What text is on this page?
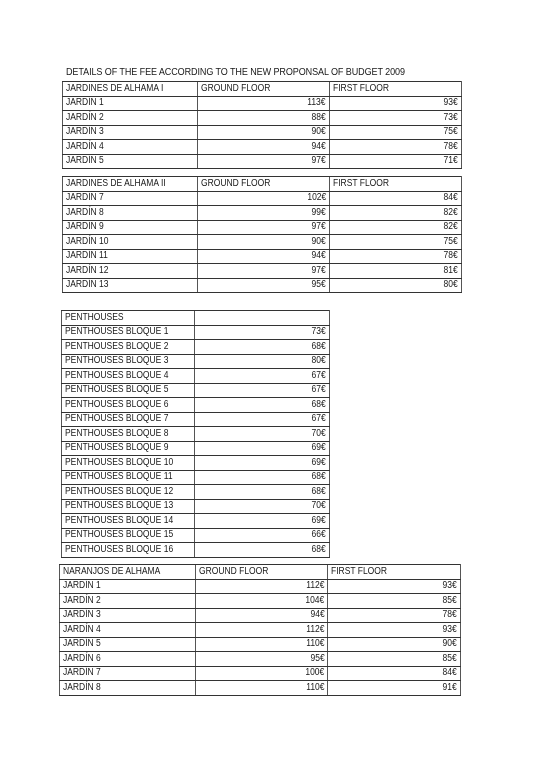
DETAILS OF THE FEE ACCORDING TO THE NEW PROPONSAL OF BUDGET 2009
JARDINES DE ALHAMA I	GROUND FLOOR	FIRST FLOOR
JARDÍN 1	113€	93€
JARDÍN 2	88€	73€
JARDÍN 3	90€	75€
JARDÍN 4	94€	78€
JARDÍN 5	97€	71€
JARDINES DE ALHAMA II	GROUND FLOOR	FIRST FLOOR
JARDÍN 7	102€	84€
JARDÍN 8	99€	82€
JARDÍN 9	97€	82€
JARDÍN 10	90€	75€
JARDÍN 11	94€	78€
JARDÍN 12	97€	81€
JARDÍN 13	95€	80€
PENTHOUSES	
PENTHOUSES BLOQUE 1	73€
PENTHOUSES BLOQUE 2	68€
PENTHOUSES BLOQUE 3	80€
PENTHOUSES BLOQUE 4	67€
PENTHOUSES BLOQUE 5	67€
PENTHOUSES BLOQUE 6	68€
PENTHOUSES BLOQUE 7	67€
PENTHOUSES BLOQUE 8	70€
PENTHOUSES BLOQUE 9	69€
PENTHOUSES BLOQUE 10	69€
PENTHOUSES BLOQUE 11	68€
PENTHOUSES BLOQUE 12	68€
PENTHOUSES BLOQUE 13	70€
PENTHOUSES BLOQUE 14	69€
PENTHOUSES BLOQUE 15	66€
PENTHOUSES BLOQUE 16	68€
NARANJOS DE ALHAMA	GROUND FLOOR	FIRST FLOOR
JARDÍN 1	112€	93€
JARDÍN 2	104€	85€
JARDÍN 3	94€	78€
JARDÍN 4	112€	93€
JARDÍN 5	110€	90€
JARDÍN 6	95€	85€
JARDÍN 7	100€	84€
JARDÍN 8	110€	91€
